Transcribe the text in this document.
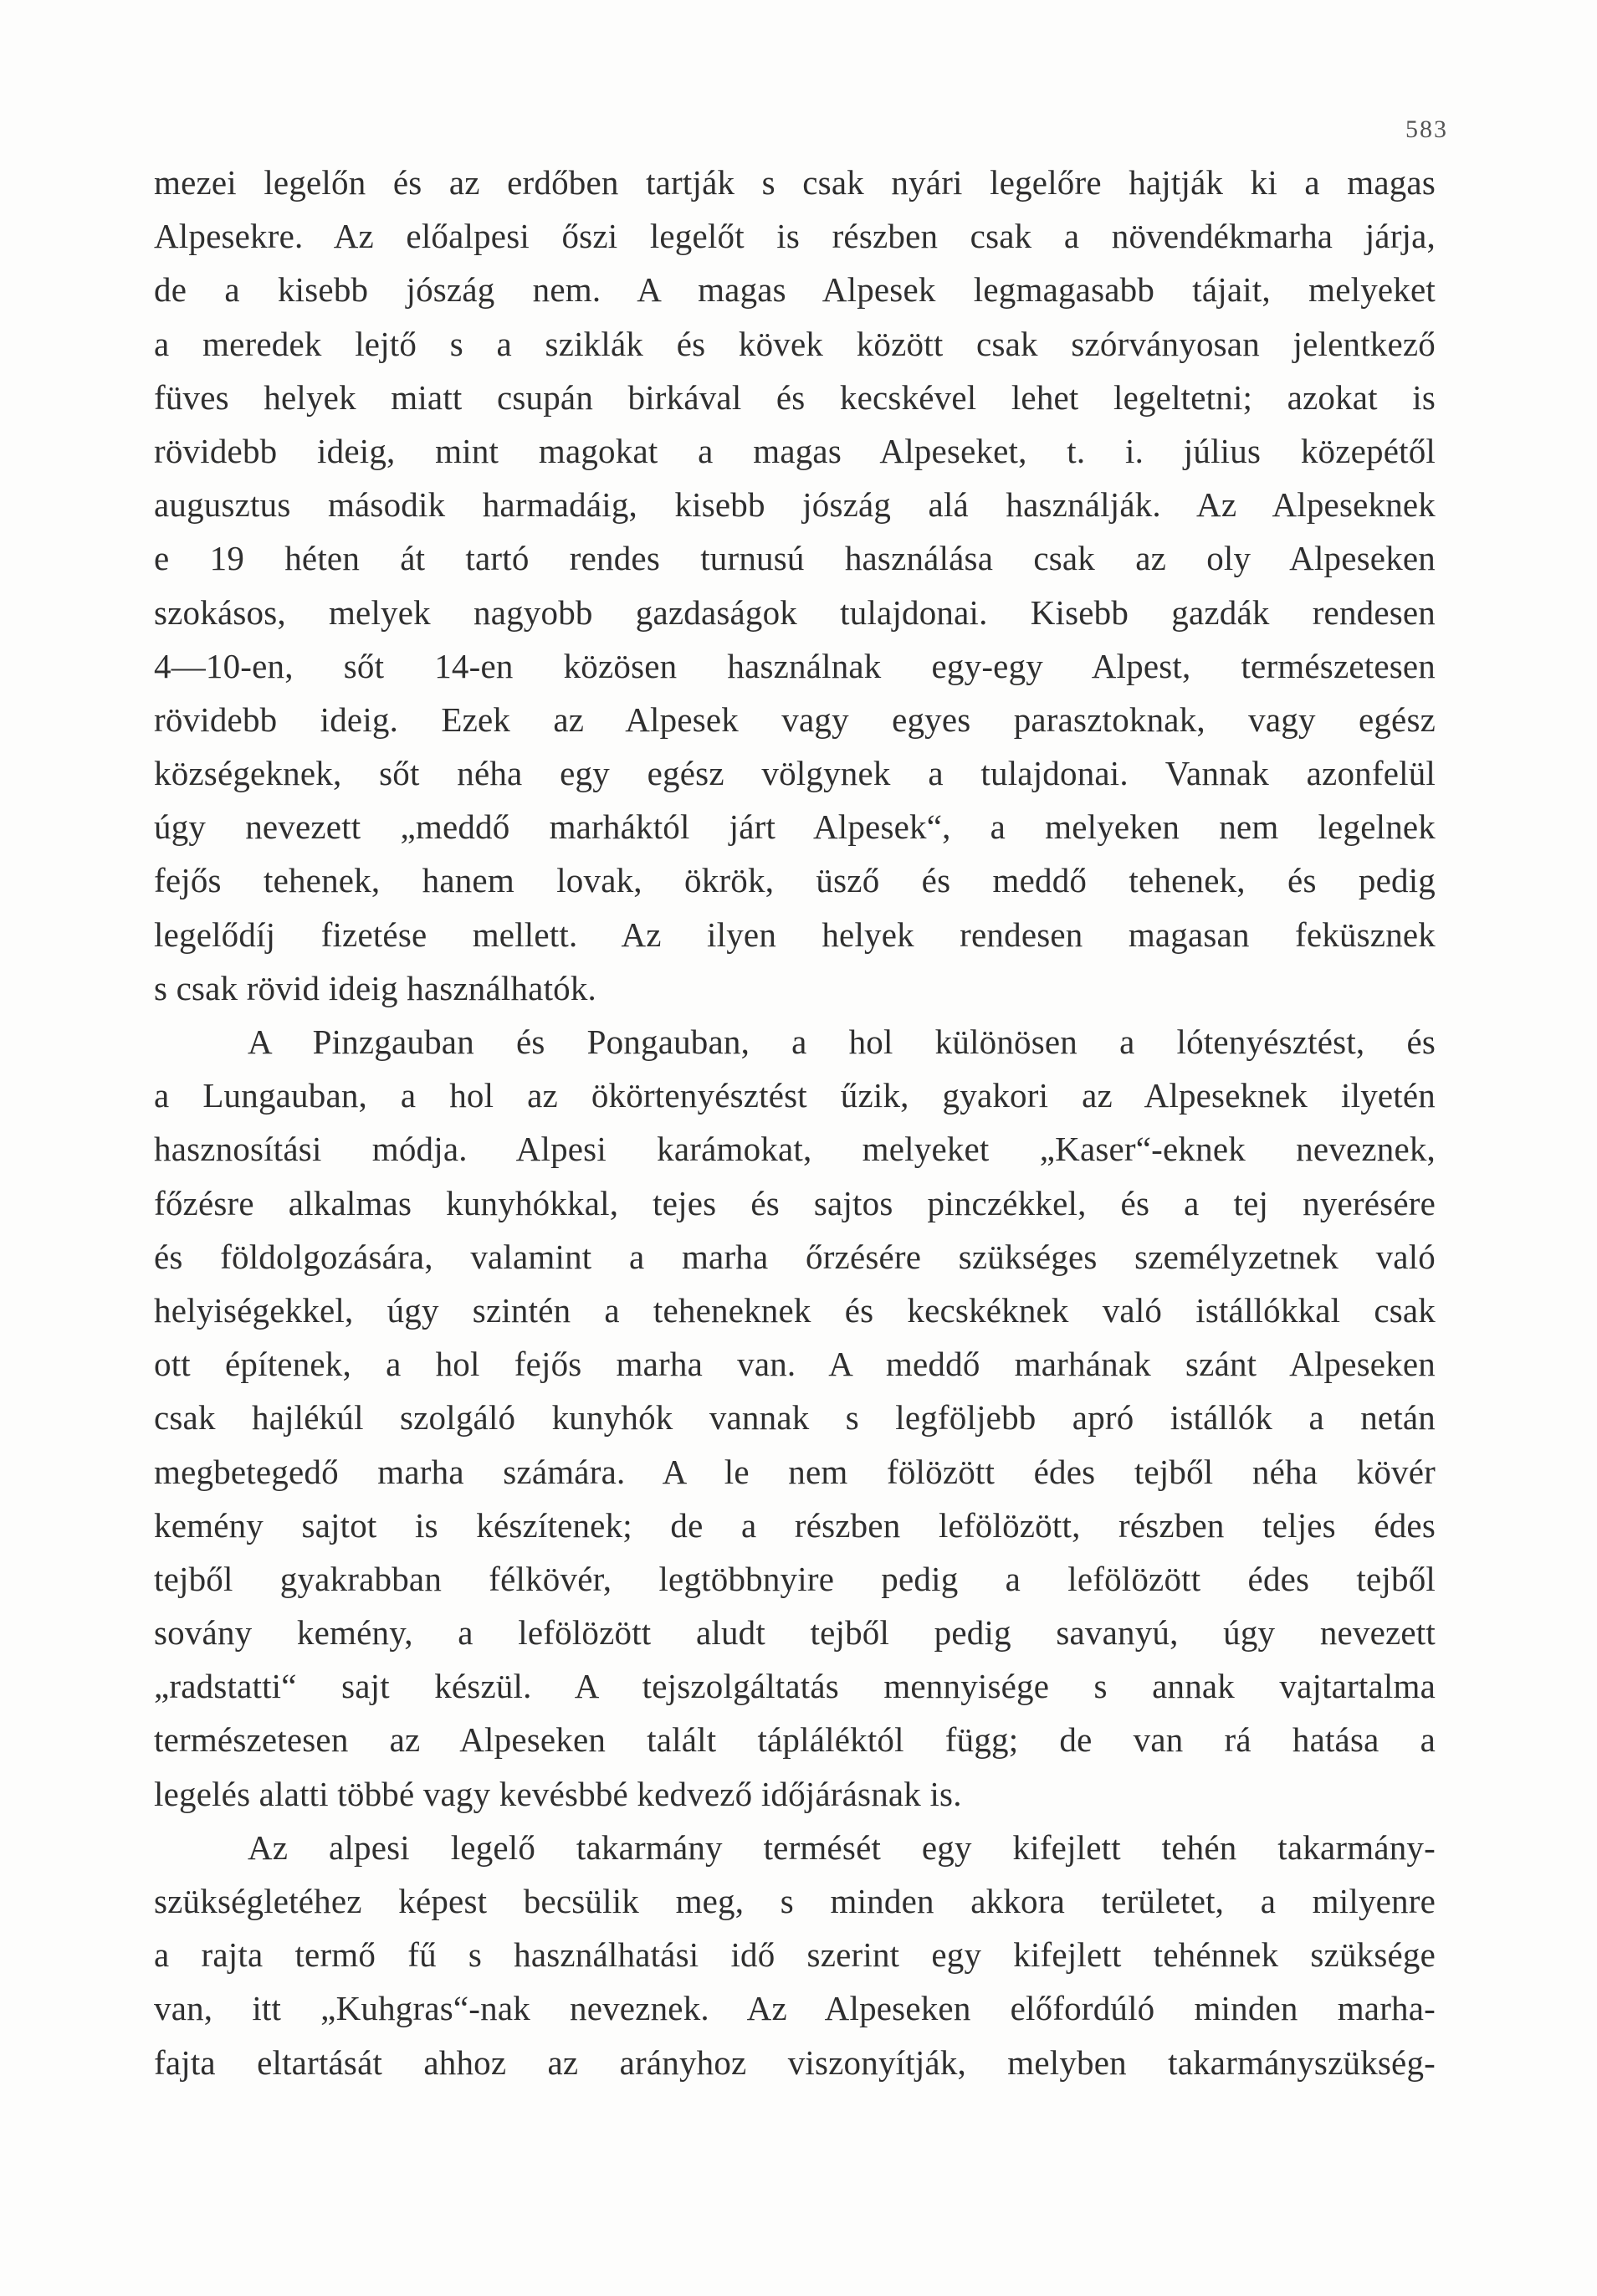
583
mezei legelőn és az erdőben tartják s csak nyári legelőre hajtják ki a magas
Alpesekre. Az előalpesi őszi legelőt is részben csak a növendékmarha járja,
de a kisebb jószág nem. A magas Alpesek legmagasabb tájait, melyeket
a meredek lejtő s a sziklák és kövek között csak szórványosan jelentkező
füves helyek miatt csupán birkával és kecskével lehet legeltetni; azokat is
rövidebb ideig, mint magokat a magas Alpeseket, t. i. július közepétől
augusztus második harmadáig, kisebb jószág alá használják. Az Alpeseknek
e 19 héten át tartó rendes turnusú használása csak az oly Alpeseken
szokásos, melyek nagyobb gazdaságok tulajdonai. Kisebb gazdák rendesen
4—10-en, sőt 14-en közösen használnak egy-egy Alpest, természetesen
rövidebb ideig. Ezek az Alpesek vagy egyes parasztoknak, vagy egész
községeknek, sőt néha egy egész völgynek a tulajdonai. Vannak azonfelül
úgy nevezett „meddő marháktól járt Alpesek“, a melyeken nem legelnek
fejős tehenek, hanem lovak, ökrök, üsző és meddő tehenek, és pedig
legelődíj fizetése mellett. Az ilyen helyek rendesen magasan feküsznek
s csak rövid ideig használhatók.
A Pinzgauban és Pongauban, a hol különösen a lótenyésztést, és
a Lungauban, a hol az ökörtenyésztést űzik, gyakori az Alpeseknek ilyetén
hasznosítási módja. Alpesi karámokat, melyeket „Kaser“-eknek neveznek,
főzésre alkalmas kunyhókkal, tejes és sajtos pinczékkel, és a tej nyerésére
és földolgozására, valamint a marha őrzésére szükséges személyzetnek való
helyiségekkel, úgy szintén a teheneknek és kecskéknek való istállókkal csak
ott építenek, a hol fejős marha van. A meddő marhának szánt Alpeseken
csak hajlékúl szolgáló kunyhók vannak s legföljebb apró istállók a netán
megbetegedő marha számára. A le nem fölözött édes tejből néha kövér
kemény sajtot is készítenek; de a részben lefölözött, részben teljes édes
tejből gyakrabban félkövér, legtöbbnyire pedig a lefölözött édes tejből
sovány kemény, a lefölözött aludt tejből pedig savanyú, úgy nevezett
„radstatti“ sajt készül. A tejszolgáltatás mennyisége s annak vajtartalma
természetesen az Alpeseken talált tápláléktól függ; de van rá hatása a
legelés alatti többé vagy kevésbbé kedvező időjárásnak is.
Az alpesi legelő takarmány termését egy kifejlett tehén takarmány-
szükségletéhez képest becsülik meg, s minden akkora területet, a milyenre
a rajta termő fű s használhatási idő szerint egy kifejlett tehénnek szüksége
van, itt „Kuhgras“-nak neveznek. Az Alpeseken előfordúló minden marha-
fajta eltartását ahhoz az arányhoz viszonyítják, melyben takarmányszükség-
